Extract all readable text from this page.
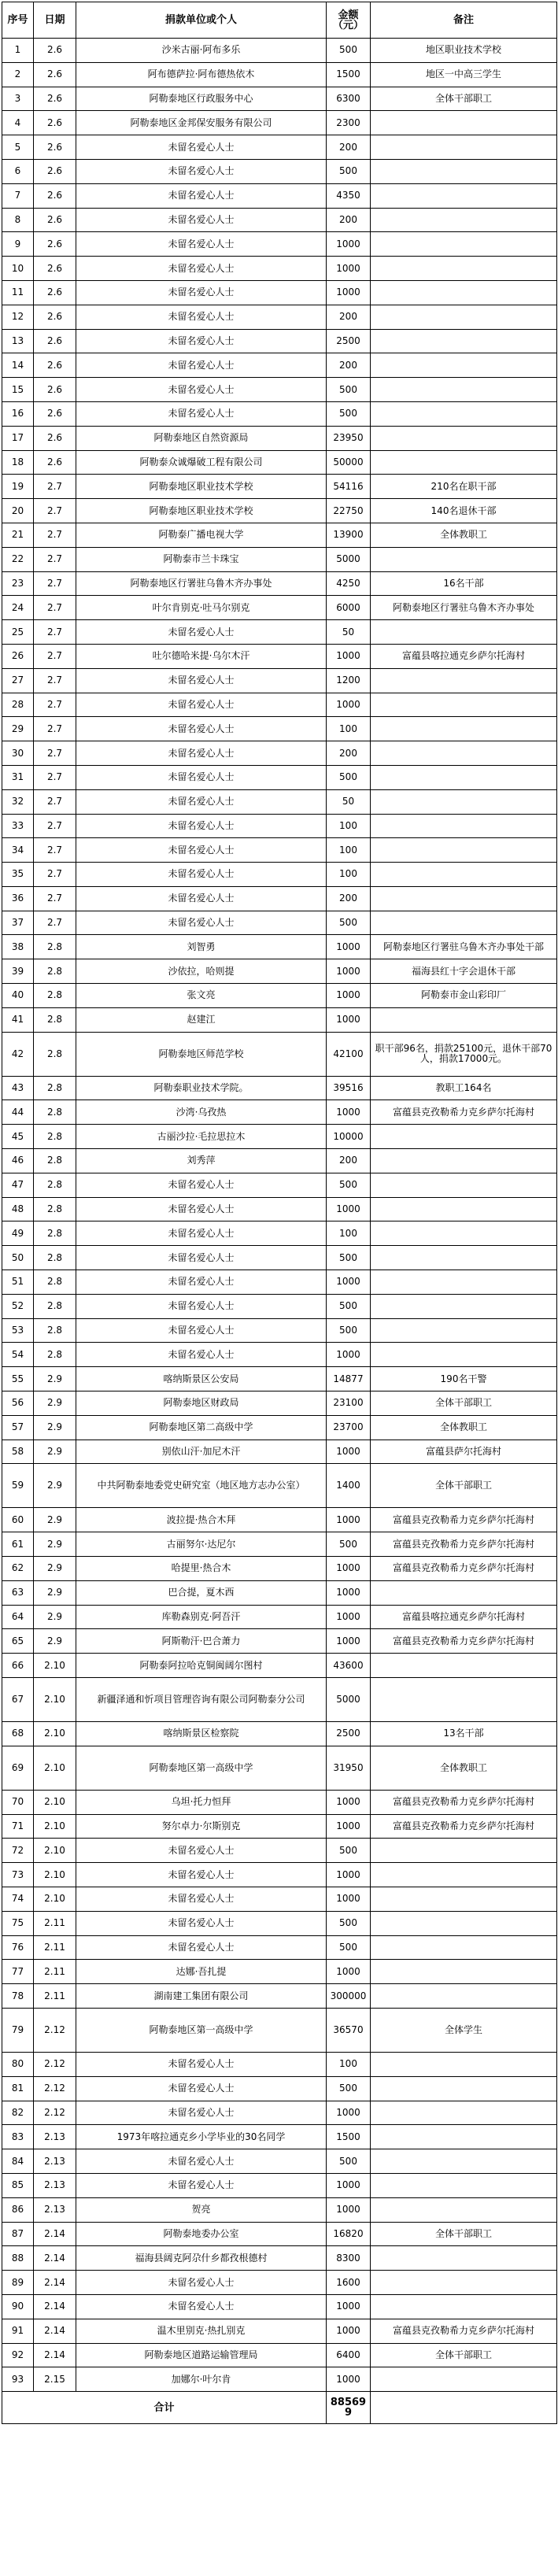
序号	日期	捐款单位或个人	金额（元）	备注
1	2.6	沙米古丽·阿布多乐	500	地区职业技术学校
2	2.6	阿布德萨拉·阿布德热依木	1500	地区一中高三学生
3	2.6	阿勒泰地区行政服务中心	6300	全体干部职工
4	2.6	阿勒泰地区金邦保安服务有限公司	2300	
5	2.6	未留名爱心人士	200	
6	2.6	未留名爱心人士	500	
7	2.6	未留名爱心人士	4350	
8	2.6	未留名爱心人士	200	
9	2.6	未留名爱心人士	1000	
10	2.6	未留名爱心人士	1000	
11	2.6	未留名爱心人士	1000	
12	2.6	未留名爱心人士	200	
13	2.6	未留名爱心人士	2500	
14	2.6	未留名爱心人士	200	
15	2.6	未留名爱心人士	500	
16	2.6	未留名爱心人士	500	
17	2.6	阿勒泰地区自然资源局	23950	
18	2.6	阿勒泰众诚爆破工程有限公司	50000	
19	2.7	阿勒泰地区职业技术学校	54116	210名在职干部
20	2.7	阿勒泰地区职业技术学校	22750	140名退休干部
21	2.7	阿勒泰广播电视大学	13900	全体教职工
22	2.7	阿勒泰市兰卡珠宝	5000	
23	2.7	阿勒泰地区行署驻乌鲁木齐办事处	4250	16名干部
24	2.7	叶尔肯别克·吐马尔别克	6000	阿勒泰地区行署驻乌鲁木齐办事处
25	2.7	未留名爱心人士	50	
26	2.7	吐尔德哈米提·乌尔木汗	1000	富蕴县喀拉通克乡萨尔托海村
27	2.7	未留名爱心人士	1200	
28	2.7	未留名爱心人士	1000	
29	2.7	未留名爱心人士	100	
30	2.7	未留名爱心人士	200	
31	2.7	未留名爱心人士	500	
32	2.7	未留名爱心人士	50	
33	2.7	未留名爱心人士	100	
34	2.7	未留名爱心人士	100	
35	2.7	未留名爱心人士	100	
36	2.7	未留名爱心人士	200	
37	2.7	未留名爱心人士	500	
38	2.8	刘智勇	1000	阿勒泰地区行署驻乌鲁木齐办事处干部
39	2.8	沙依拉，哈则提	1000	福海县红十字会退休干部
40	2.8	张文亮	1000	阿勒泰市金山彩印厂
41	2.8	赵建江	1000	
42	2.8	阿勒泰地区师范学校	42100	职干部96名，捐款25100元，退休干部70人，捐款17000元。
43	2.8	阿勒泰职业技术学院。	39516	教职工164名
44	2.8	沙湾·乌孜热	1000	富蕴县克孜勒希力克乡萨尔托海村
45	2.8	古丽沙拉·毛拉思拉木	10000	
46	2.8	刘秀萍	200	
47	2.8	未留名爱心人士	500	
48	2.8	未留名爱心人士	1000	
49	2.8	未留名爱心人士	100	
50	2.8	未留名爱心人士	500	
51	2.8	未留名爱心人士	1000	
52	2.8	未留名爱心人士	500	
53	2.8	未留名爱心人士	500	
54	2.8	未留名爱心人士	1000	
55	2.9	喀纳斯景区公安局	14877	190名干警
56	2.9	阿勒泰地区财政局	23100	全体干部职工
57	2.9	阿勒泰地区第二高级中学	23700	全体教职工
58	2.9	别依山汗·加尼木汗	1000	富蕴县萨尔托海村
59	2.9	中共阿勒泰地委党史研究室（地区地方志办公室）	1400	全体干部职工
60	2.9	波拉提·热合木拜	1000	富蕴县克孜勒希力克乡萨尔托海村
61	2.9	古丽努尔·达尼尔	500	富蕴县克孜勒希力克乡萨尔托海村
62	2.9	哈提里·热合木	1000	富蕴县克孜勒希力克乡萨尔托海村
63	2.9	巴合提，夏木西	1000	
64	2.9	库勒森别克·阿吾汗	1000	富蕴县喀拉通克乡萨尔托海村
65	2.9	阿斯勒汗·巴合萧力	1000	富蕴县克孜勒希力克乡萨尔托海村
66	2.10	阿勒泰阿拉哈克铜闽阔尔图村	43600	
67	2.10	新疆泽通和忻项目管理咨询有限公司阿勒泰分公司	5000	
68	2.10	喀纳斯景区检察院	2500	13名干部
69	2.10	阿勒泰地区第一高级中学	31950	全体教职工
70	2.10	乌坦·托力恒拜	1000	富蕴县克孜勒希力克乡萨尔托海村
71	2.10	努尔卓力·尔斯别克	1000	富蕴县克孜勒希力克乡萨尔托海村
72	2.10	未留名爱心人士	500	
73	2.10	未留名爱心人士	1000	
74	2.10	未留名爱心人士	1000	
75	2.11	未留名爱心人士	500	
76	2.11	未留名爱心人士	500	
77	2.11	达娜·吾扎提	1000	
78	2.11	湖南建工集团有限公司	300000	
79	2.12	阿勒泰地区第一高级中学	36570	全体学生
80	2.12	未留名爱心人士	100	
81	2.12	未留名爱心人士	500	
82	2.12	未留名爱心人士	1000	
83	2.13	1973年喀拉通克乡小学毕业的30名同学	1500	
84	2.13	未留名爱心人士	500	
85	2.13	未留名爱心人士	1000	
86	2.13	贺亮	1000	
87	2.14	阿勒泰地委办公室	16820	全体干部职工
88	2.14	福海县阔克阿尕什乡都孜根德村	8300	
89	2.14	未留名爱心人士	1600	
90	2.14	未留名爱心人士	1000	
91	2.14	温木里别克·热扎别克	1000	富蕴县克孜勒希力克乡萨尔托海村
92	2.14	阿勒泰地区道路运输管理局	6400	全体干部职工
93	2.15	加娜尔·叶尔肯	1000	
合计			885699	
